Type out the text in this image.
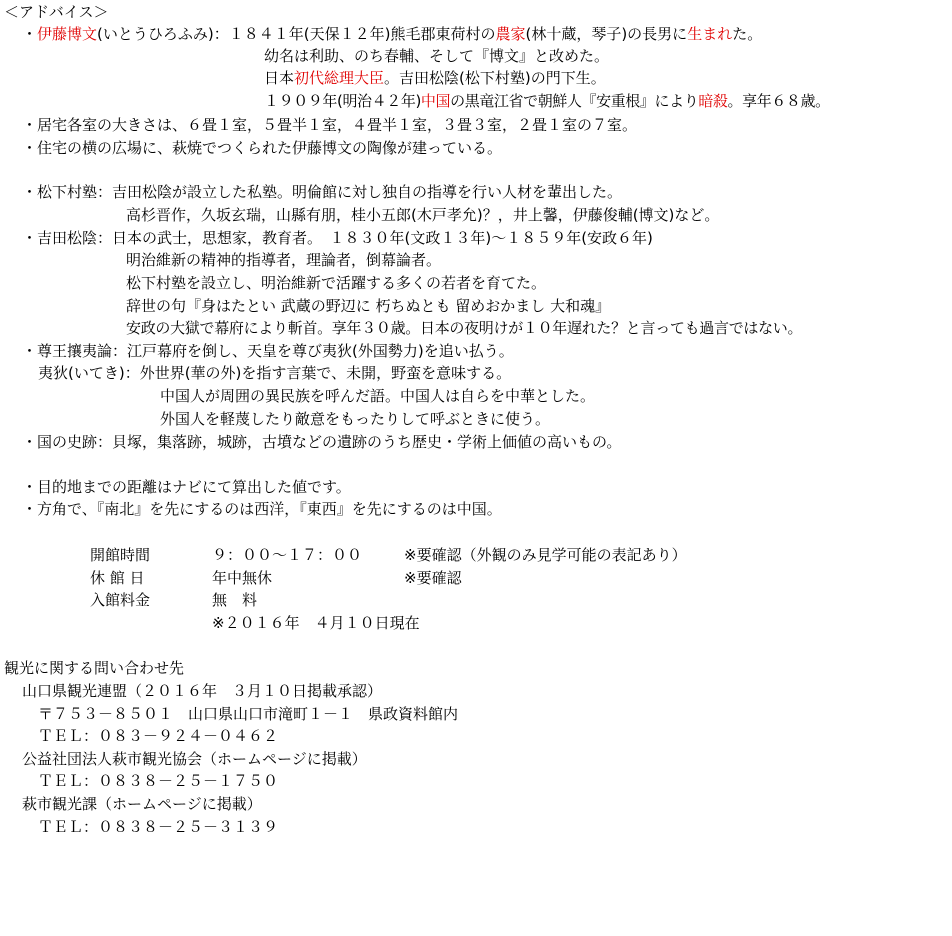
＜アドバイス＞
・伊藤博文(いとうひろふみ)：１８４１年(天保１２年)熊毛郡東荷村の農家(林十蔵，琴子)の長男に生まれた。
幼名は利助、のち春輔、そして『博文』と改めた。
日本初代総理大臣。吉田松陰(松下村塾)の門下生。
１９０９年(明治４２年)中国の黒竜江省で朝鮮人『安重根』により暗殺。享年６８歳。
・居宅各室の大きさは、６畳１室，５畳半１室，４畳半１室，３畳３室，２畳１室の７室。
・住宅の横の広場に、萩焼でつくられた伊藤博文の陶像が建っている。
・松下村塾：吉田松陰が設立した私塾。明倫館に対し独自の指導を行い人材を輩出した。
高杉晋作，久坂玄瑞，山縣有朋，桂小五郎(木戸孝允)？，井上馨，伊藤俊輔(博文)など。
・吉田松陰：日本の武士，思想家，教育者。　１８３０年(文政１３年)～１８５９年(安政６年)
明治維新の精神的指導者，理論者，倒幕論者。
松下村塾を設立し、明治維新で活躍する多くの若者を育てた。
辞世の句『身はたとい 武蔵の野辺に 朽ちぬとも 留めおかまし 大和魂』
安政の大獄で幕府により斬首。享年３０歳。日本の夜明けが１０年遅れた？と言っても過言ではない。
・尊王攘夷論：江戸幕府を倒し、天皇を尊び夷狄(外国勢力)を追い払う。
夷狄(いてき)：外世界(華の外)を指す言葉で、未開，野蛮を意味する。
中国人が周囲の異民族を呼んだ語。中国人は自らを中華とした。
外国人を軽蔑したり敵意をもったりして呼ぶときに使う。
・国の史跡：貝塚，集落跡，城跡，古墳などの遺跡のうち歴史・学術上価値の高いもの。
・目的地までの距離はナビにて算出した値です。
・方角で、『南北』を先にするのは西洋，『東西』を先にするのは中国。
開館時間	９：００～１７：００	※要確認（外観のみ見学可能の表記あり）
休 館 日	年中無休	※要確認
入館料金	無　料
※２０１６年　４月１０日現在
観光に関する問い合わせ先
山口県観光連盟（２０１６年　３月１０日掲載承認）
〒７５３－８５０１　山口県山口市滝町１－１　県政資料館内
ＴＥＬ：０８３－９２４－０４６２
公益社団法人萩市観光協会（ホームページに掲載）
ＴＥＬ：０８３８－２５－１７５０
萩市観光課（ホームページに掲載）
ＴＥＬ：０８３８－２５－３１３９
